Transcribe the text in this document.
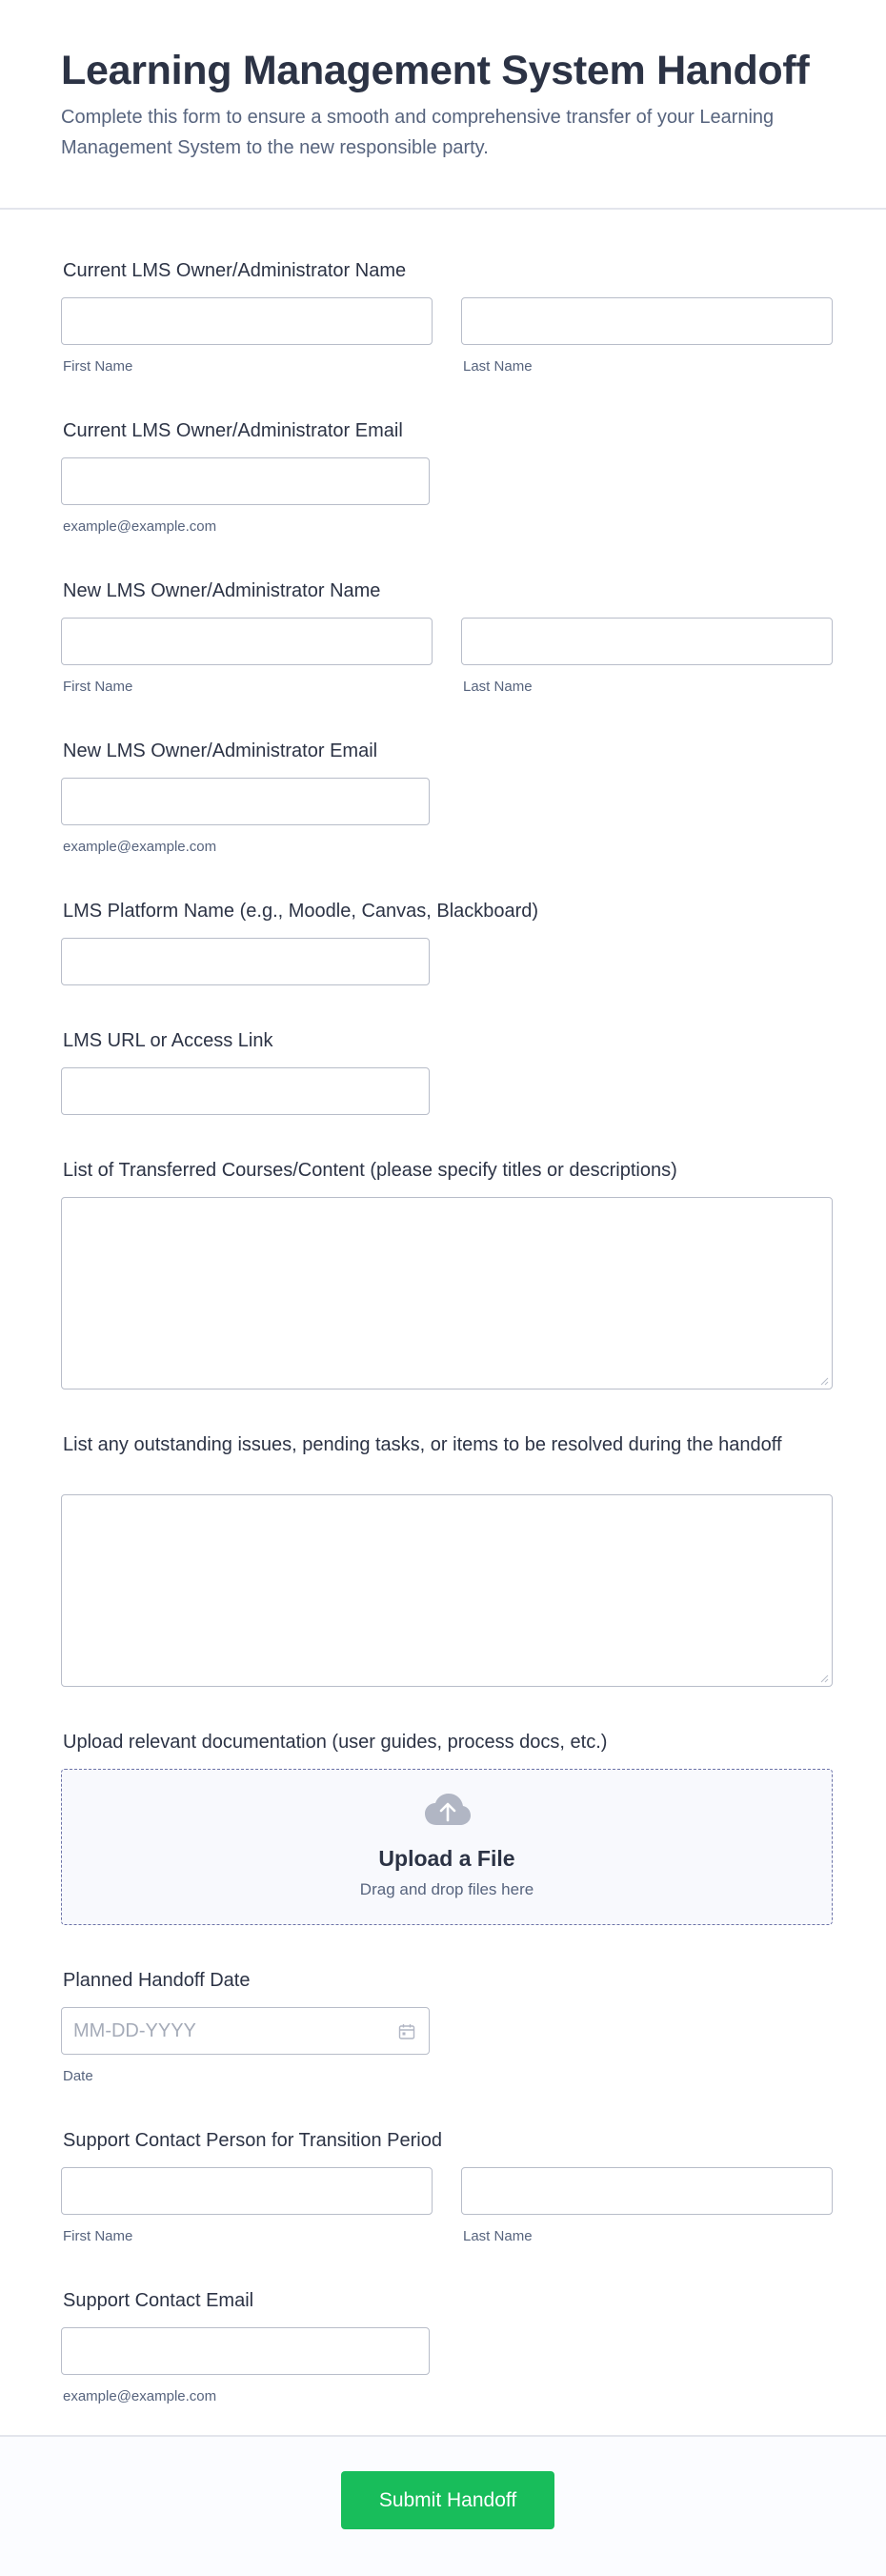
Learning Management System Handoff

Complete this form to ensure a smooth and comprehensive transfer of your Learning Management System to the new responsible party.

Current LMS Owner/Administrator Name
First Name	Last Name
Current LMS Owner/Administrator Email
example@example.com
New LMS Owner/Administrator Name
First Name	Last Name
New LMS Owner/Administrator Email
example@example.com
LMS Platform Name (e.g., Moodle, Canvas, Blackboard)
LMS URL or Access Link
List of Transferred Courses/Content (please specify titles or descriptions)
List any outstanding issues, pending tasks, or items to be resolved during the handoff
Upload relevant documentation (user guides, process docs, etc.)
Upload a File
Drag and drop files here
Planned Handoff Date
MM-DD-YYYY
Date
Support Contact Person for Transition Period
First Name	Last Name
Support Contact Email
example@example.com
Submit Handoff
